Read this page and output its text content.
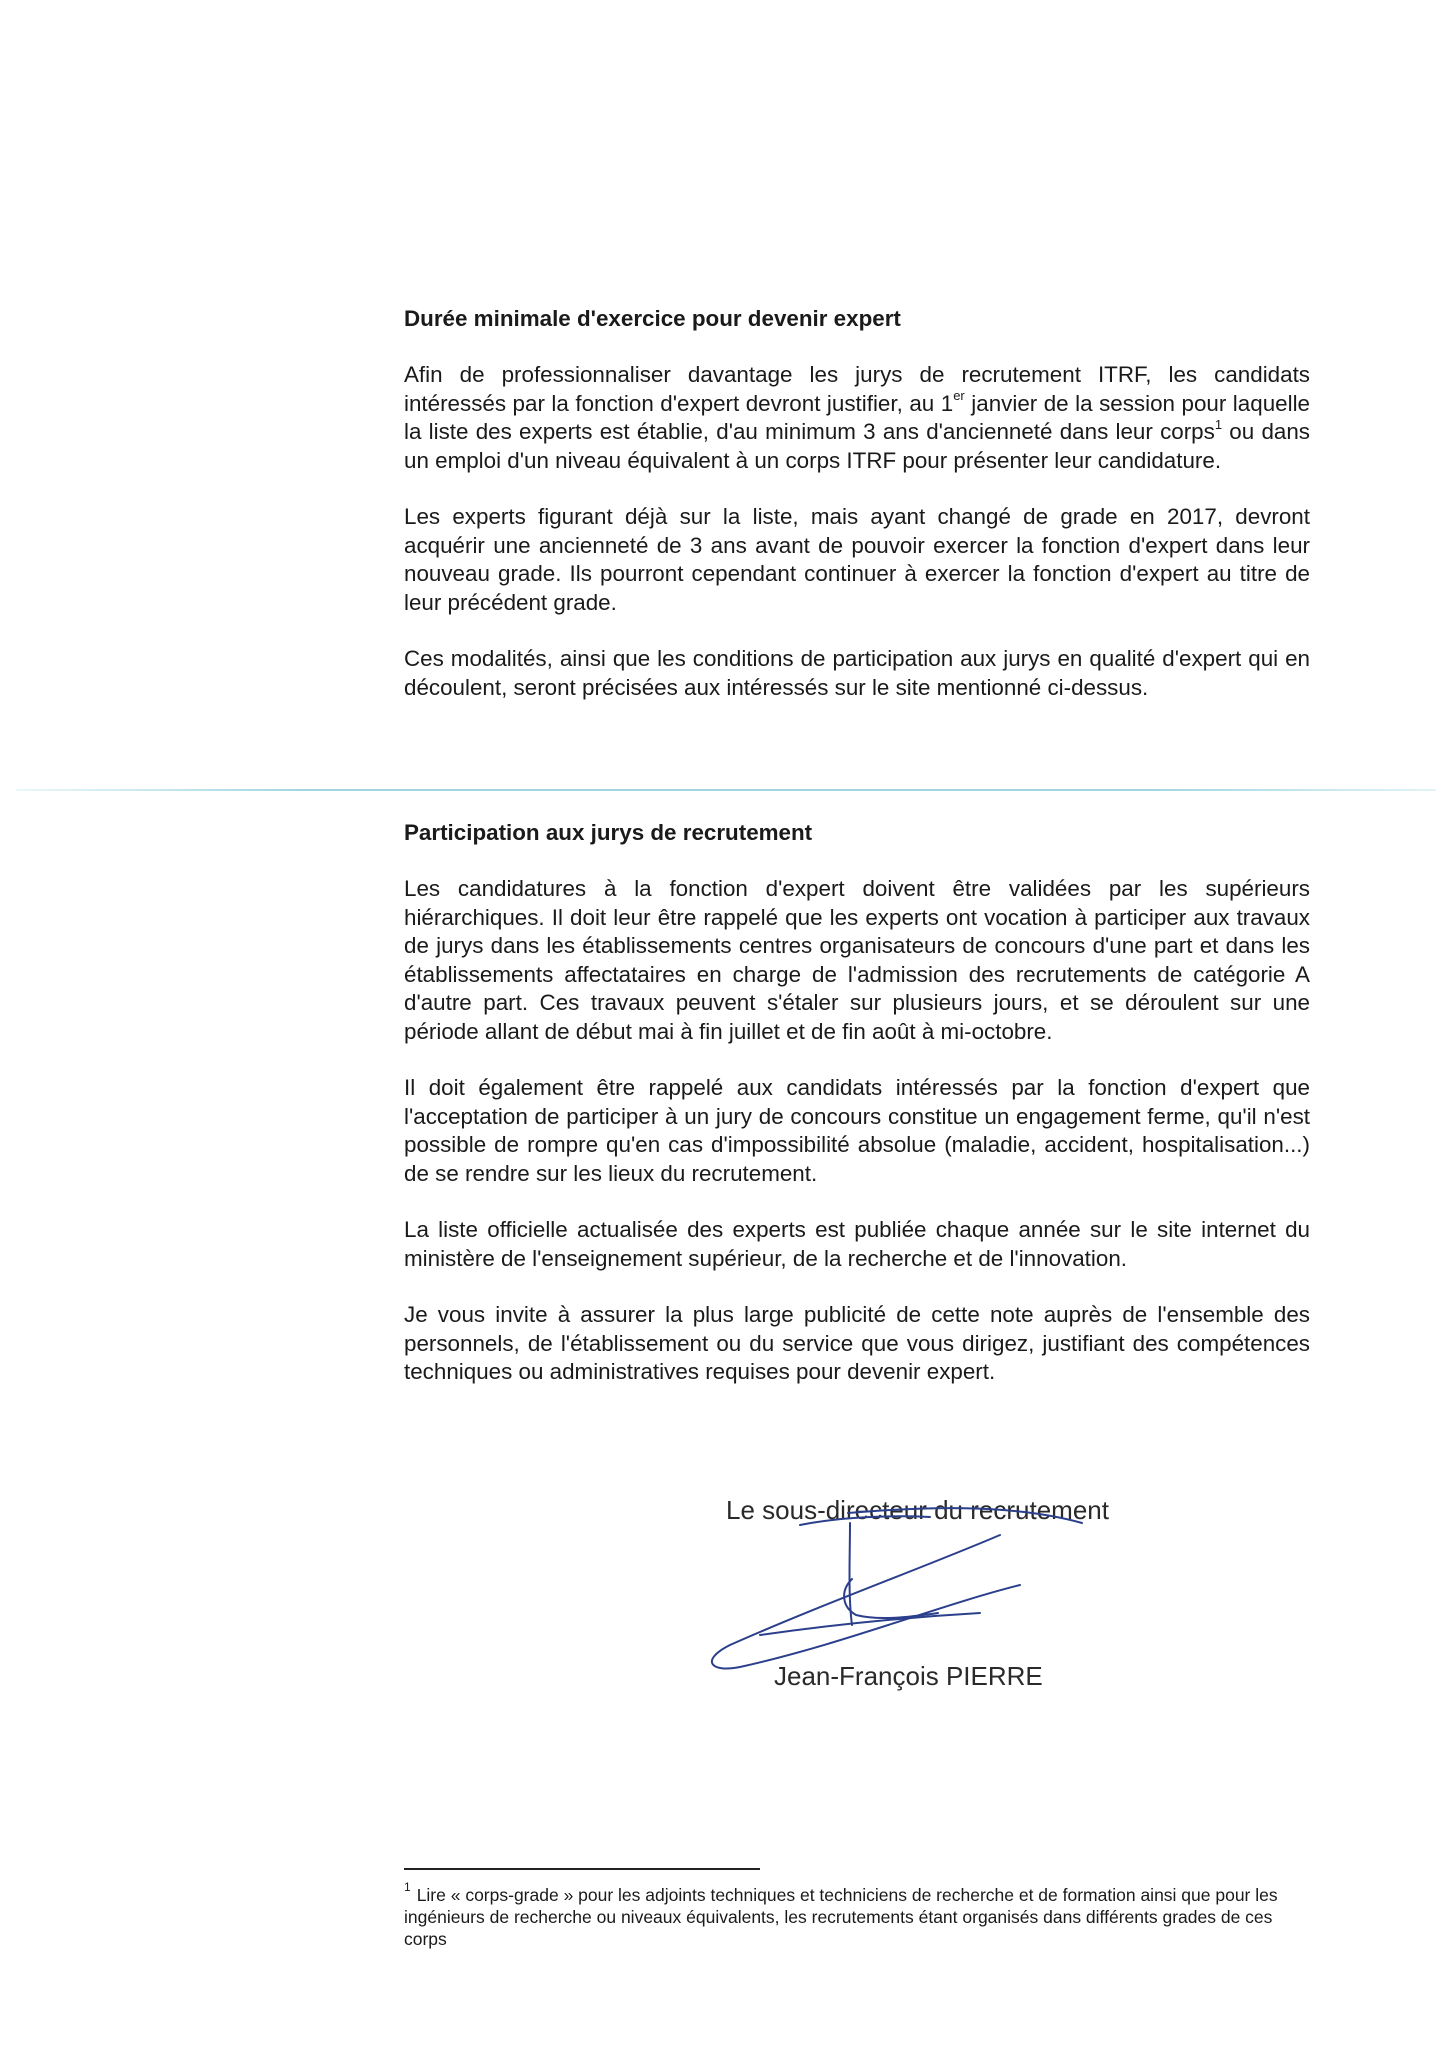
Durée minimale d'exercice pour devenir expert

Afin de professionnaliser davantage les jurys de recrutement ITRF, les candidats intéressés par la fonction d'expert devront justifier, au 1er janvier de la session pour laquelle la liste des experts est établie, d'au minimum 3 ans d'ancienneté dans leur corps$^1$ ou dans un emploi d'un niveau équivalent à un corps ITRF pour présenter leur candidature.

Les experts figurant déjà sur la liste, mais ayant changé de grade en 2017, devront acquérir une ancienneté de 3 ans avant de pouvoir exercer la fonction d'expert dans leur nouveau grade. Ils pourront cependant continuer à exercer la fonction d'expert au titre de leur précédent grade.

Ces modalités, ainsi que les conditions de participation aux jurys en qualité d'expert qui en découlent, seront précisées aux intéressés sur le site mentionné ci-dessus.

Participation aux jurys de recrutement

Les candidatures à la fonction d'expert doivent être validées par les supérieurs hiérarchiques. Il doit leur être rappelé que les experts ont vocation à participer aux travaux de jurys dans les établissements centres organisateurs de concours d'une part et dans les établissements affectataires en charge de l'admission des recrutements de catégorie A d'autre part. Ces travaux peuvent s'étaler sur plusieurs jours, et se déroulent sur une période allant de début mai à fin juillet et de fin août à mi-octobre.

Il doit également être rappelé aux candidats intéressés par la fonction d'expert que l'acceptation de participer à un jury de concours constitue un engagement ferme, qu'il n'est possible de rompre qu'en cas d'impossibilité absolue (maladie, accident, hospitalisation...) de se rendre sur les lieux du recrutement.

La liste officielle actualisée des experts est publiée chaque année sur le site internet du ministère de l'enseignement supérieur, de la recherche et de l'innovation.

Je vous invite à assurer la plus large publicité de cette note auprès de l'ensemble des personnels, de l'établissement ou du service que vous dirigez, justifiant des compétences techniques ou administratives requises pour devenir expert.

Le sous-directeur du recrutement
Jean-François PIERRE
$^1$ Lire « corps-grade » pour les adjoints techniques et techniciens de recherche et de formation ainsi que pour les ingénieurs de recherche ou niveaux équivalents, les recrutements étant organisés dans différents grades de ces corps
